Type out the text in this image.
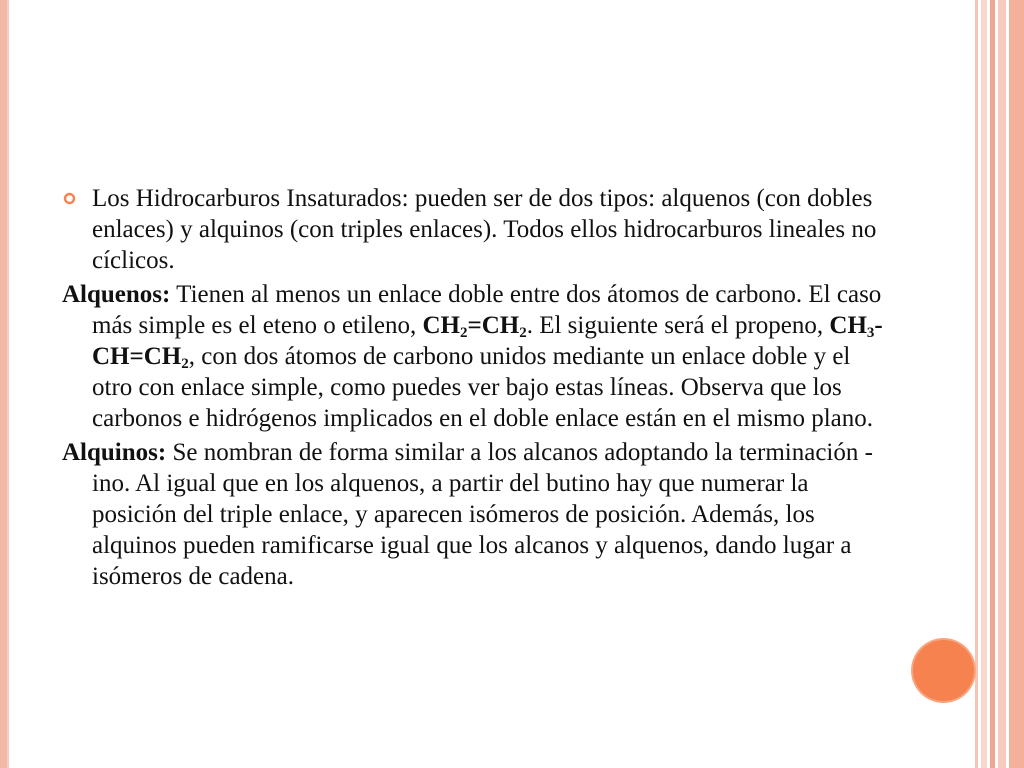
Los Hidrocarburos Insaturados: pueden ser de dos tipos: alquenos (con dobles enlaces) y alquinos (con triples enlaces). Todos ellos hidrocarburos lineales no cíclicos.

Alquenos: Tienen al menos un enlace doble entre dos átomos de carbono. El caso más simple es el eteno o etileno, $CH_2=CH_2$. El siguiente será el propeno, $CH_3-CH=CH_2$, con dos átomos de carbono unidos mediante un enlace doble y el otro con enlace simple, como puedes ver bajo estas líneas. Observa que los carbonos e hidrógenos implicados en el doble enlace están en el mismo plano.

Alquinos: Se nombran de forma similar a los alcanos adoptando la terminación -ino. Al igual que en los alquenos, a partir del butino hay que numerar la posición del triple enlace, y aparecen isómeros de posición. Además, los alquinos pueden ramificarse igual que los alcanos y alquenos, dando lugar a isómeros de cadena.
